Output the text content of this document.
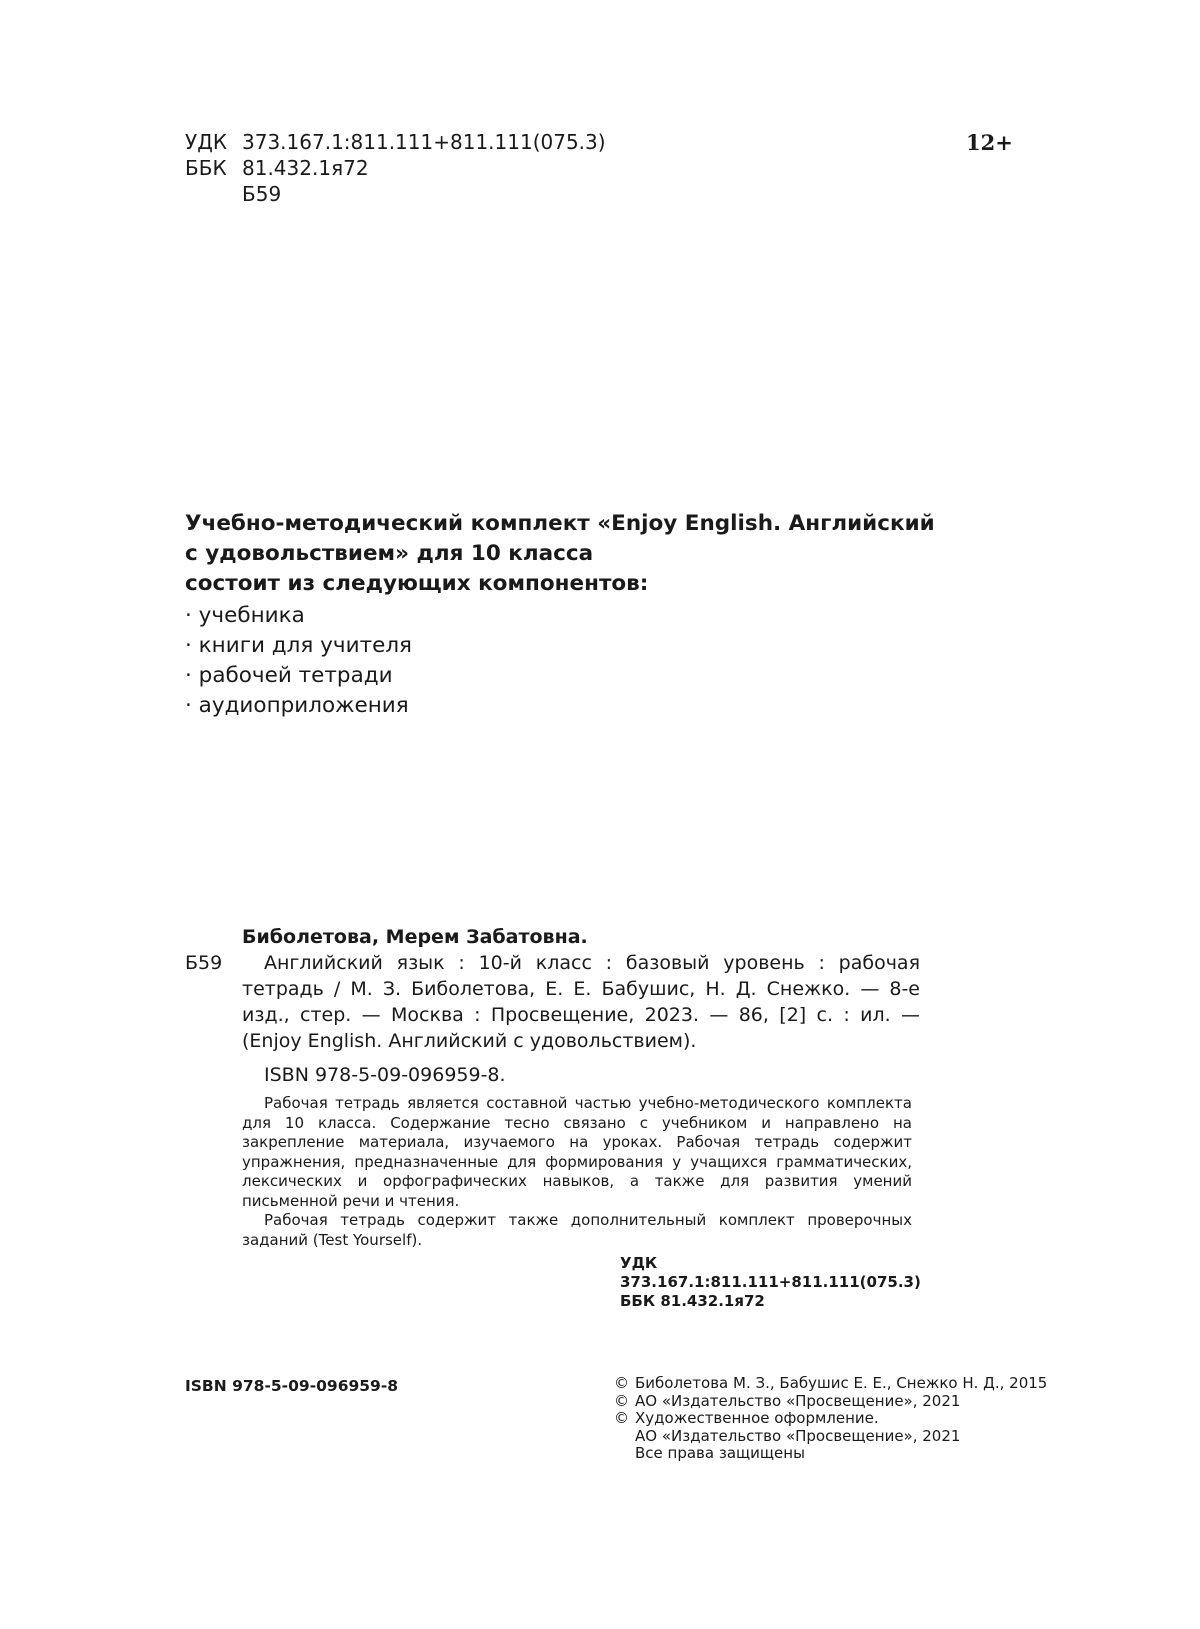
УДК 373.167.1:811.111+811.111(075.3)
ББК 81.432.1я72
Б59
12+
Учебно-методический комплект «Enjoy English. Английский
с удовольствием» для 10 класса
состоит из следующих компонентов:
· учебника
· книги для учителя
· рабочей тетради
· аудиоприложения
Биболетова, Мерем Забатовна.
Б59	Английский язык : 10-й класс : базовый уровень : рабочая тетрадь / М. З. Биболетова, Е. Е. Бабушис, Н. Д. Снежко. — 8-е изд., стер. — Москва : Просвещение, 2023. — 86, [2] с. : ил. — (Enjoy English. Английский с удовольствием).
ISBN 978-5-09-096959-8.

Рабочая тетрадь является составной частью учебно-методического комплекта для 10 класса. Содержание тесно связано с учебником и направлено на закрепление материала, изучаемого на уроках. Рабочая тетрадь содержит упражнения, предназначенные для формирования у учащихся грамматических, лексических и орфографических навыков, а также для развития умений письменной речи и чтения.

Рабочая тетрадь содержит также дополнительный комплект проверочных заданий (Test Yourself).

УДК 373.167.1:811.111+811.111(075.3)
ББК 81.432.1я72
ISBN 978-5-09-096959-8	© Биболетова М. З., Бабушис Е. Е., Снежко Н. Д., 2015
© АО «Издательство «Просвещение», 2021
© Художественное оформление.
АО «Издательство «Просвещение», 2021
Все права защищены
